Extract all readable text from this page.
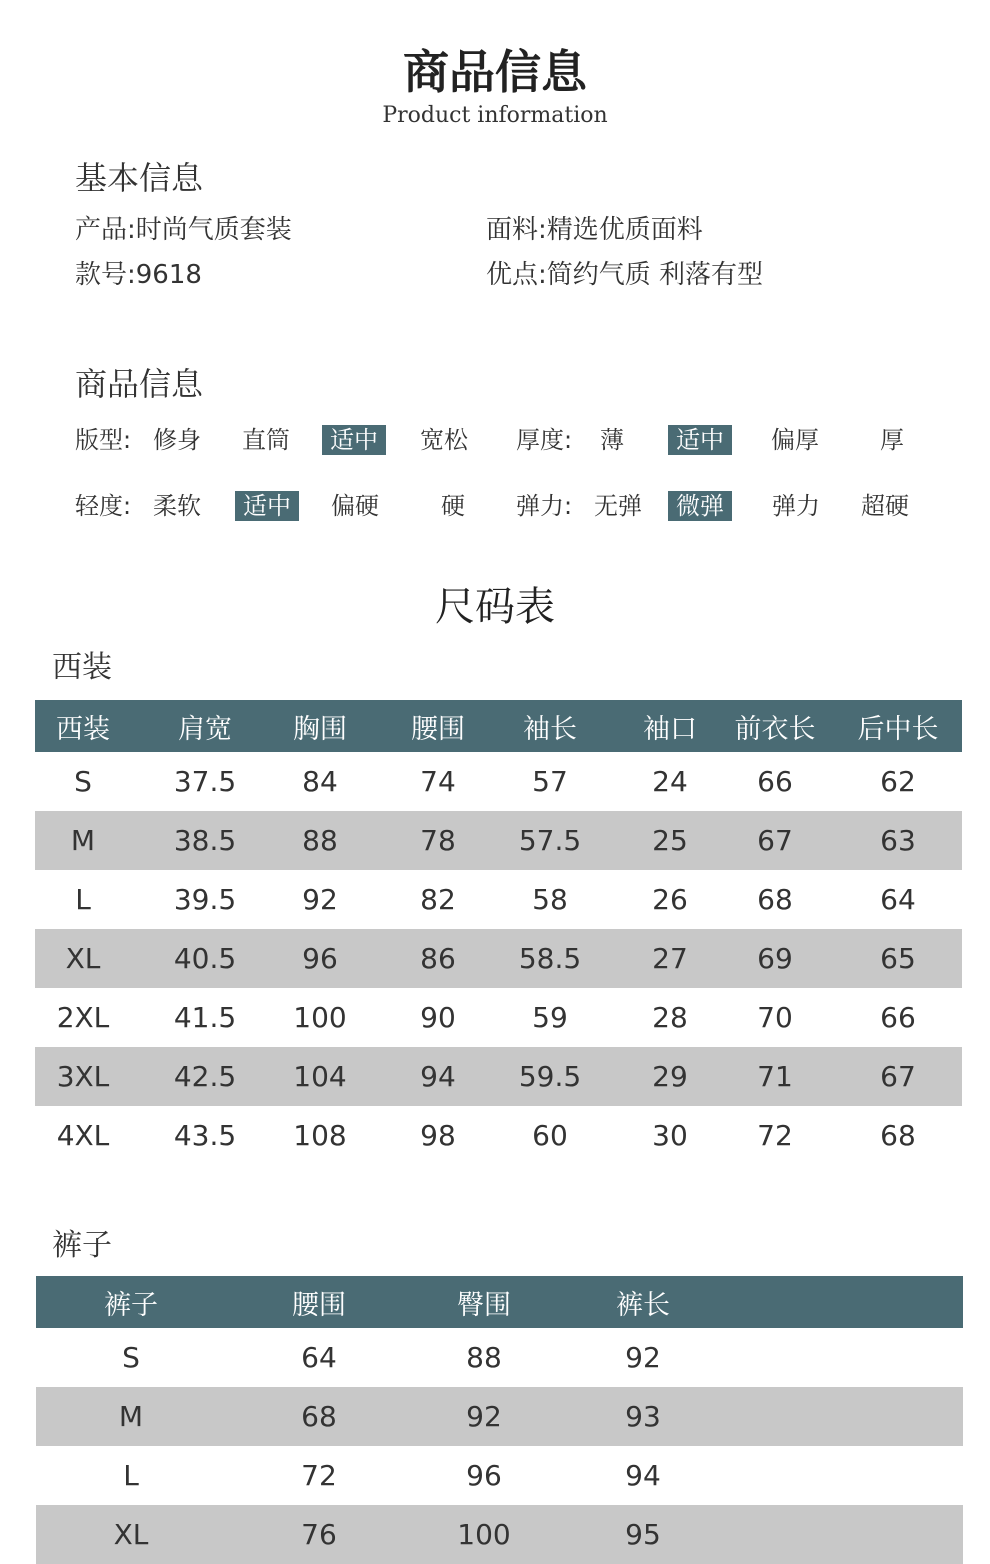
商品信息
Product information
基本信息
产品:时尚气质套装	面料:精选优质面料
款号:9618	优点:简约气质 利落有型
商品信息
版型: 修身 直筒	适中	宽松 厚度: 薄	适中	偏厚	厚
轻度: 柔软	适中	偏硬	硬 弹力: 无弹	微弹	弹力 超硬
尺码表
西装
西装	肩宽	胸围	腰围	袖长	袖口	前衣长	后中长
S	37.5	84	74	57	24	66	62
M	38.5	88	78	57.5	25	67	63
L	39.5	92	82	58	26	68	64
XL	40.5	96	86	58.5	27	69	65
2XL	41.5	100	90	59	28	70	66
3XL	42.5	104	94	59.5	29	71	67
4XL	43.5	108	98	60	30	72	68
裤子
裤子	腰围	臀围	裤长
S	64	88	92
M	68	92	93
L	72	96	94
XL	76	100	95
